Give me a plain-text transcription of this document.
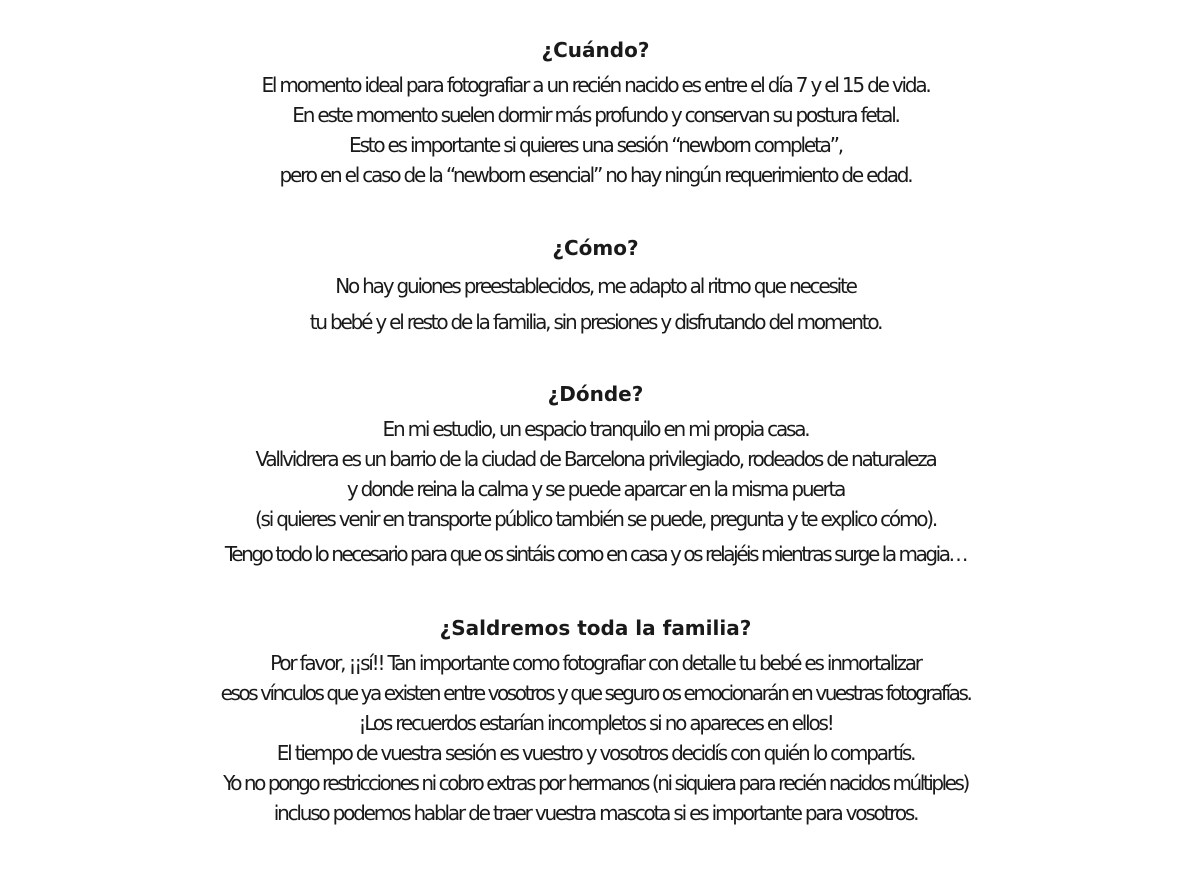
¿Cuándo?
El momento ideal para fotografiar a un recién nacido es entre el día 7 y el 15 de vida.
En este momento suelen dormir más profundo y conservan su postura fetal.
Esto es importante si quieres una sesión “newborn completa”,
pero en el caso de la “newborn esencial” no hay ningún requerimiento de edad.
¿Cómo?
No hay guiones preestablecidos, me adapto al ritmo que necesite
tu bebé y el resto de la familia, sin presiones y disfrutando del momento.
¿Dónde?
En mi estudio, un espacio tranquilo en mi propia casa.
Vallvidrera es un barrio de la ciudad de Barcelona privilegiado, rodeados de naturaleza
y donde reina la calma y se puede aparcar en la misma puerta
(si quieres venir en transporte público también se puede, pregunta y te explico cómo).
Tengo todo lo necesario para que os sintáis como en casa y os relajéis mientras surge la magia…
¿Saldremos toda la familia?
Por favor, ¡¡sí!! Tan importante como fotografiar con detalle tu bebé es inmortalizar
esos vínculos que ya existen entre vosotros y que seguro os emocionarán en vuestras fotografías.
¡Los recuerdos estarían incompletos si no apareces en ellos!
El tiempo de vuestra sesión es vuestro y vosotros decidís con quién lo compartís.
Yo no pongo restricciones ni cobro extras por hermanos (ni siquiera para recién nacidos múltiples)
incluso podemos hablar de traer vuestra mascota si es importante para vosotros.
